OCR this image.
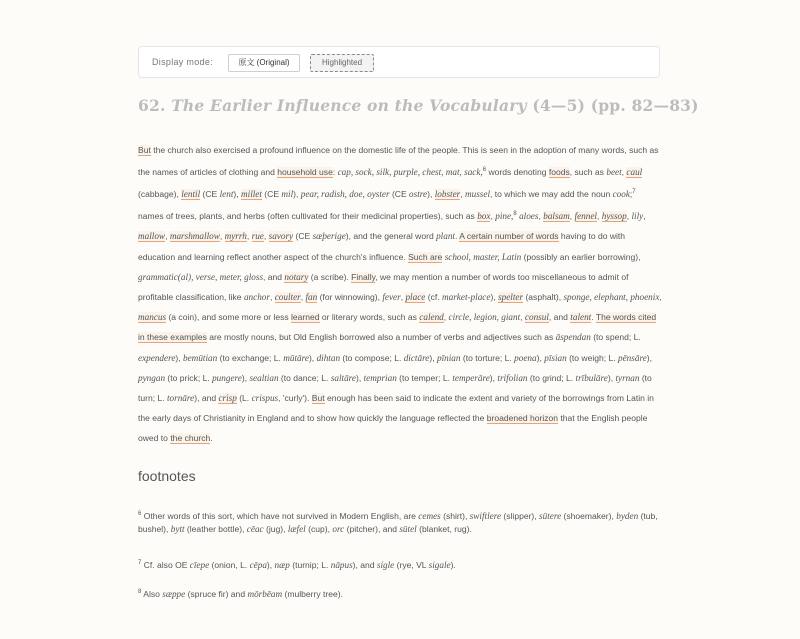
Display mode:	原文 (Original)	Highlighted
62. The Earlier Influence on the Vocabulary (4—5) (pp. 82—83)

But the church also exercised a profound influence on the domestic life of the people. This is seen in the adoption of many words, such as the names of articles of clothing and household use: cap, sock, silk, purple, chest, mat, sack,$^6$ words denoting foods, such as beet, caul (cabbage), lentil (CE lent), millet (CE mil), pear, radish, doe, oyster (CE ostre), lobster, mussel, to which we may add the noun cook;$^7$ names of trees, plants, and herbs (often cultivated for their medicinal properties), such as box, pine,$^8$ aloes, balsam, fennel, hyssop, lily, mallow, marshmallow, myrrh, rue, savory (CE sæþerige), and the general word plant. A certain number of words having to do with education and learning reflect another aspect of the church's influence. Such are school, master, Latin (possibly an earlier borrowing), grammatic(al), verse, meter, gloss, and notary (a scribe). Finally, we may mention a number of words too miscellaneous to admit of profitable classification, like anchor, coulter, fan (for winnowing), fever, place (cf. market-place), spelter (asphalt), sponge, elephant, phoenix, mancus (a coin), and some more or less learned or literary words, such as calend, circle, legion, giant, consul, and talent. The words cited in these examples are mostly nouns, but Old English borrowed also a number of verbs and adjectives such as āspendan (to spend; L. expendere), bemūtian (to exchange; L. mūtāre), dihtan (to compose; L. dictāre), pīnian (to torture; L. poena), pīsian (to weigh; L. pēnsāre), pyngan (to prick; L. pungere), sealtian (to dance; L. saltāre), temprian (to temper; L. temperāre), trifolian (to grind; L. trībulāre), tyrnan (to turn; L. tornāre), and crisp (L. crispus, 'curly'). But enough has been said to indicate the extent and variety of the borrowings from Latin in the early days of Christianity in England and to show how quickly the language reflected the broadened horizon that the English people owed to the church.

footnotes

$^6$ Other words of this sort, which have not survived in Modern English, are cemes (shirt), swiftlere (slipper), sūtere (shoemaker), byden (tub, bushel), bytt (leather bottle), cēac (jug), læfel (cup), orc (pitcher), and sūtel (blanket, rug).

$^7$ Cf. also OE cīepe (onion, L. cēpa), næp (turnip; L. nāpus), and sigle (rye, VL sigale).

$^8$ Also sæppe (spruce fir) and mōrbēam (mulberry tree).
